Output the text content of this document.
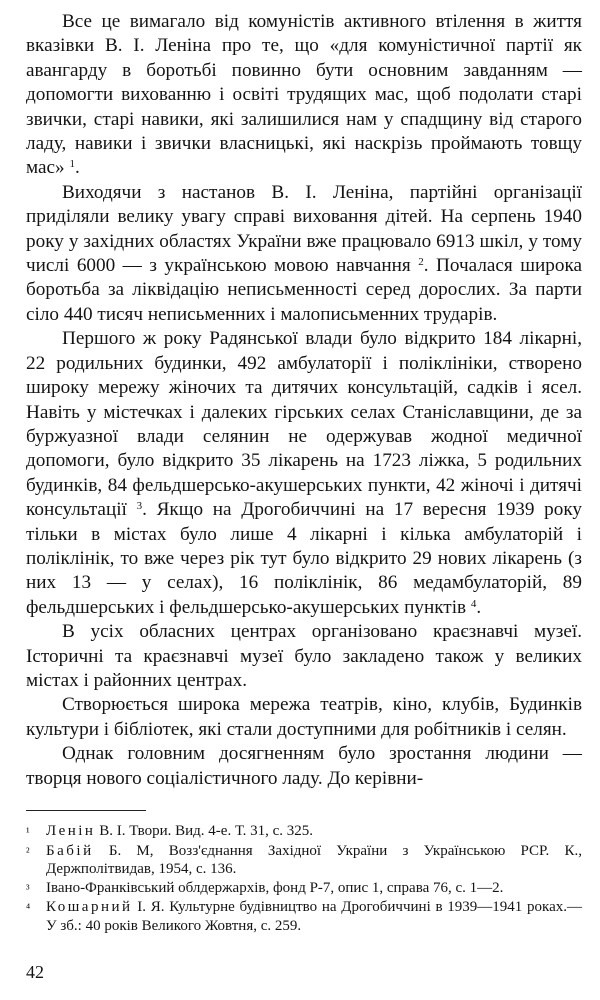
Все це вимагало від комуністів активного втілення в життя вказівки В. І. Леніна про те, що «для комуністичної партії як авангарду в боротьбі повинно бути основним завданням — допомогти вихованню і освіті трудящих мас, щоб подолати старі звички, старі навики, які залишилися нам у спадщину від старого ладу, навики і звички власницькі, які наскрізь проймають товщу мас» $^1$.

Виходячи з настанов В. І. Леніна, партійні організації приділяли велику увагу справі виховання дітей. На серпень 1940 року у західних областях України вже працювало 6913 шкіл, у тому числі 6000 — з українською мовою навчання $^2$. Почалася широка боротьба за ліквідацію неписьменності серед дорослих. За парти сіло 440 тисяч неписьменних і малописьменних трударів.

Першого ж року Радянської влади було відкрито 184 лікарні, 22 родильних будинки, 492 амбулаторії і поліклініки, створено широку мережу жіночих та дитячих консультацій, садків і ясел. Навіть у містечках і далеких гірських селах Станіславщини, де за буржуазної влади селянин не одержував жодної медичної допомоги, було відкрито 35 лікарень на 1723 ліжка, 5 родильних будинків, 84 фельдшерсько-акушерських пункти, 42 жіночі і дитячі консультації $^3$. Якщо на Дрогобиччині на 17 вересня 1939 року тільки в містах було лише 4 лікарні і кілька амбулаторій і поліклінік, то вже через рік тут було відкрито 29 нових лікарень (з них 13 — у селах), 16 поліклінік, 86 медамбулаторій, 89 фельдшерських і фельдшерсько-акушерських пунктів $^4$.

В усіх обласних центрах організовано краєзнавчі музеї. Історичні та краєзнавчі музеї було закладено також у великих містах і районних центрах.

Створюється широка мережа театрів, кіно, клубів, Будинків культури і бібліотек, які стали доступними для робітників і селян.

Однак головним досягненням було зростання людини — творця нового соціалістичного ладу. До керівни-

¹	Ленін В. І. Твори. Вид. 4-е. Т. 31, с. 325.
²	Бабій Б. М, Возз'єднання Західної України з Українською РСР. К., Держполітвидав, 1954, с. 136.
³	Івано-Франківський облдержархів, фонд Р-7, опис 1, справа 76, с. 1—2.
⁴	Кошарний І. Я. Культурне будівництво на Дрогобиччині в 1939—1941 роках.— У зб.: 40 років Великого Жовтня, с. 259.
42
